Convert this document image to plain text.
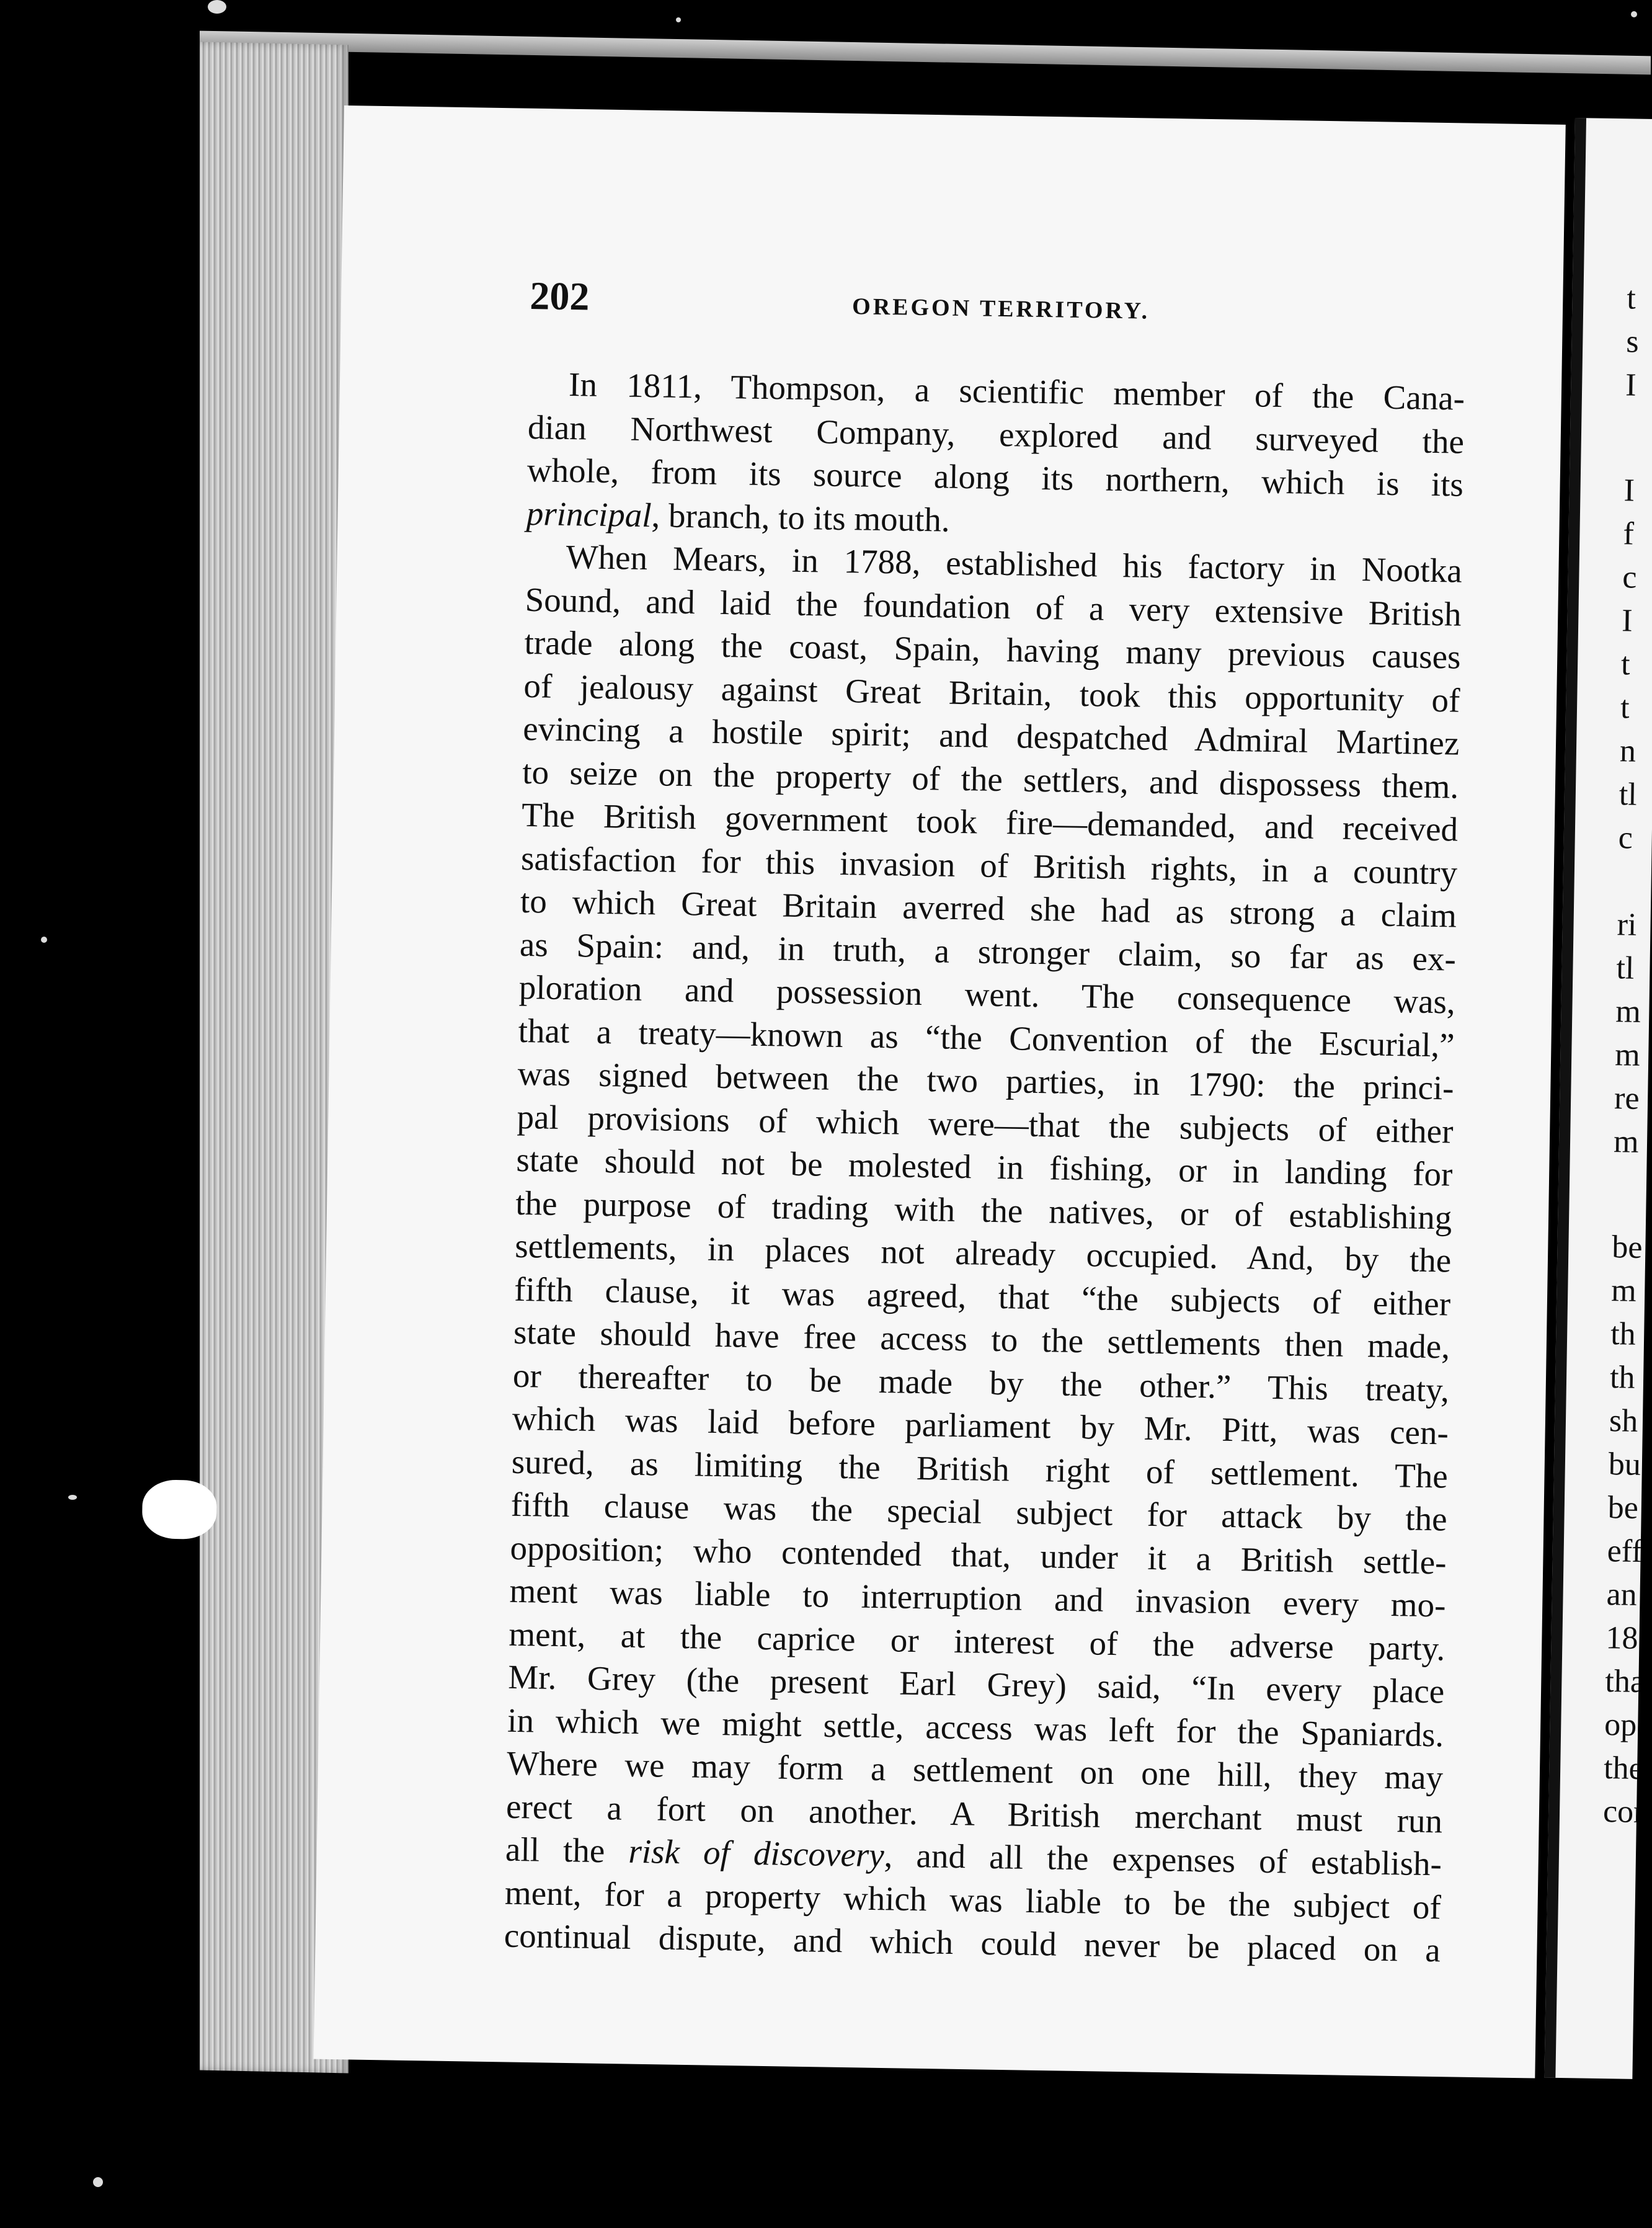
t
s
I
I
f
c
I
t
t
n
tl
c
ri
tl
m
m
re
m
be
m
th
th
sh
bu
be
eff
an
18
tha
ope
the
cor
202	OREGON TERRITORY.

In 1811, Thompson, a scientific member of the Cana-
dian Northwest Company, explored and surveyed the
whole, from its source along its northern, which is its
principal, branch, to its mouth.

When Mears, in 1788, established his factory in Nootka
Sound, and laid the foundation of a very extensive British
trade along the coast, Spain, having many previous causes
of jealousy against Great Britain, took this opportunity of
evincing a hostile spirit; and despatched Admiral Martinez
to seize on the property of the settlers, and dispossess them.
The British government took fire—demanded, and received
satisfaction for this invasion of British rights, in a country
to which Great Britain averred she had as strong a claim
as Spain: and, in truth, a stronger claim, so far as ex-
ploration and possession went. The consequence was,
that a treaty—known as “the Convention of the Escurial,”
was signed between the two parties, in 1790: the princi-
pal provisions of which were—that the subjects of either
state should not be molested in fishing, or in landing for
the purpose of trading with the natives, or of establishing
settlements, in places not already occupied. And, by the
fifth clause, it was agreed, that “the subjects of either
state should have free access to the settlements then made,
or thereafter to be made by the other.” This treaty,
which was laid before parliament by Mr. Pitt, was cen-
sured, as limiting the British right of settlement. The
fifth clause was the special subject for attack by the
opposition; who contended that, under it a British settle-
ment was liable to interruption and invasion every mo-
ment, at the caprice or interest of the adverse party.
Mr. Grey (the present Earl Grey) said, “In every place
in which we might settle, access was left for the Spaniards.
Where we may form a settlement on one hill, they may
erect a fort on another. A British merchant must run
all the risk of discovery, and all the expenses of establish-
ment, for a property which was liable to be the subject of
continual dispute, and which could never be placed on a
